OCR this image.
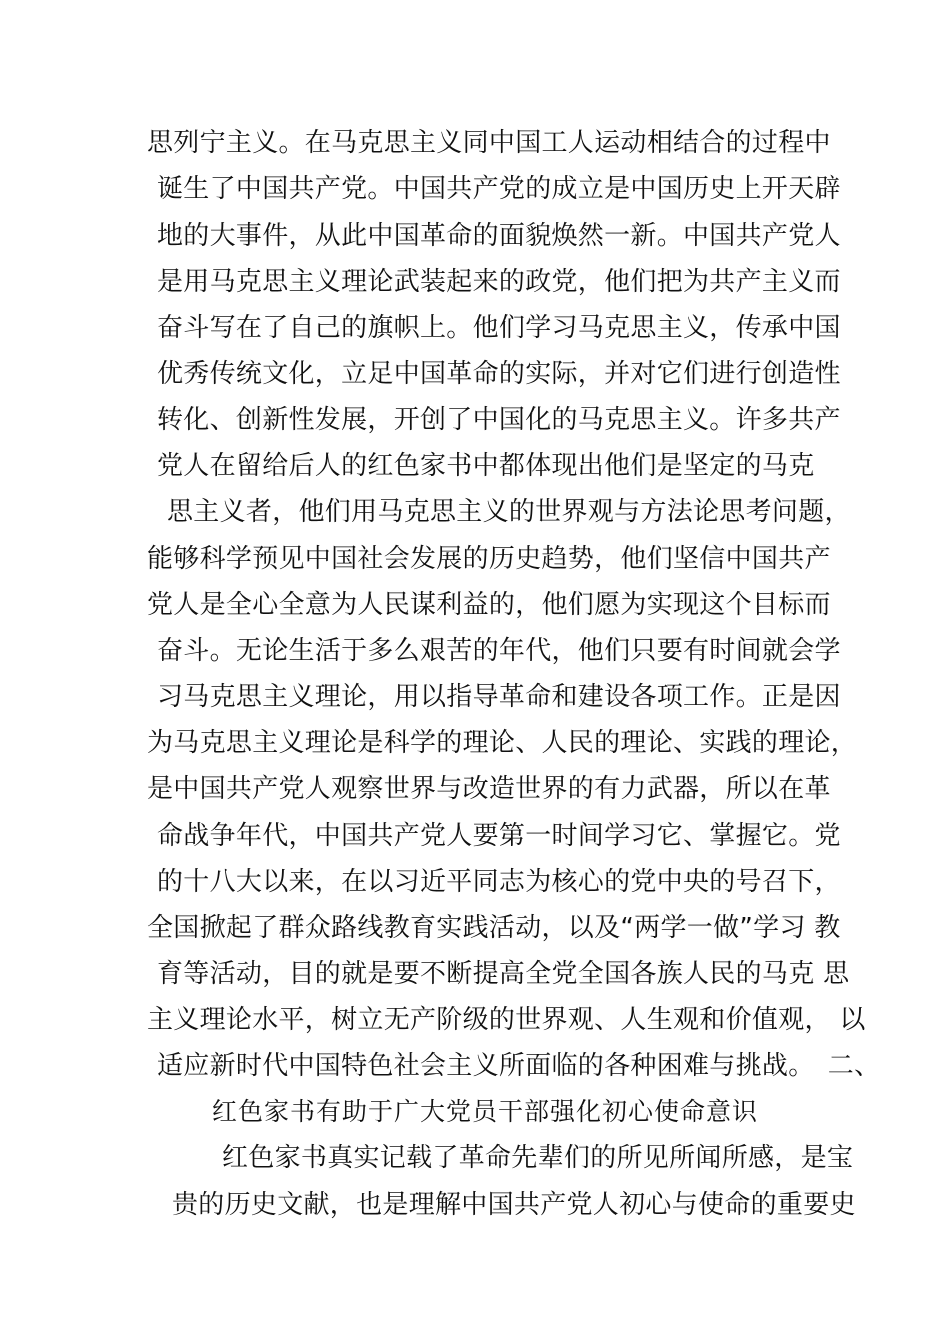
思列宁主义。在马克思主义同中国工人运动相结合的过程中
诞生了中国共产党。中国共产党的成立是中国历史上开天辟
地的大事件，从此中国革命的面貌焕然一新。中国共产党人
是用马克思主义理论武装起来的政党，他们把为共产主义而
奋斗写在了自己的旗帜上。他们学习马克思主义，传承中国
优秀传统文化，立足中国革命的实际，并对它们进行创造性
转化、创新性发展，开创了中国化的马克思主义。许多共产
党人在留给后人的红色家书中都体现出他们是坚定的马克
思主义者，他们用马克思主义的世界观与方法论思考问题，
能够科学预见中国社会发展的历史趋势，他们坚信中国共产
党人是全心全意为人民谋利益的，他们愿为实现这个目标而
奋斗。无论生活于多么艰苦的年代，他们只要有时间就会学
习马克思主义理论，用以指导革命和建设各项工作。正是因
为马克思主义理论是科学的理论、人民的理论、实践的理论，
是中国共产党人观察世界与改造世界的有力武器，所以在革
命战争年代，中国共产党人要第一时间学习它、掌握它。党
的十八大以来，在以习近平同志为核心的党中央的号召下，
全国掀起了群众路线教育实践活动，以及“两学一做”学习 教
育等活动，目的就是要不断提高全党全国各族人民的马克 思
主义理论水平，树立无产阶级的世界观、人生观和价值观， 以
适应新时代中国特色社会主义所面临的各种困难与挑战。　二、
红色家书有助于广大党员干部强化初心使命意识
红色家书真实记载了革命先辈们的所见所闻所感，是宝
贵的历史文献，也是理解中国共产党人初心与使命的重要史
